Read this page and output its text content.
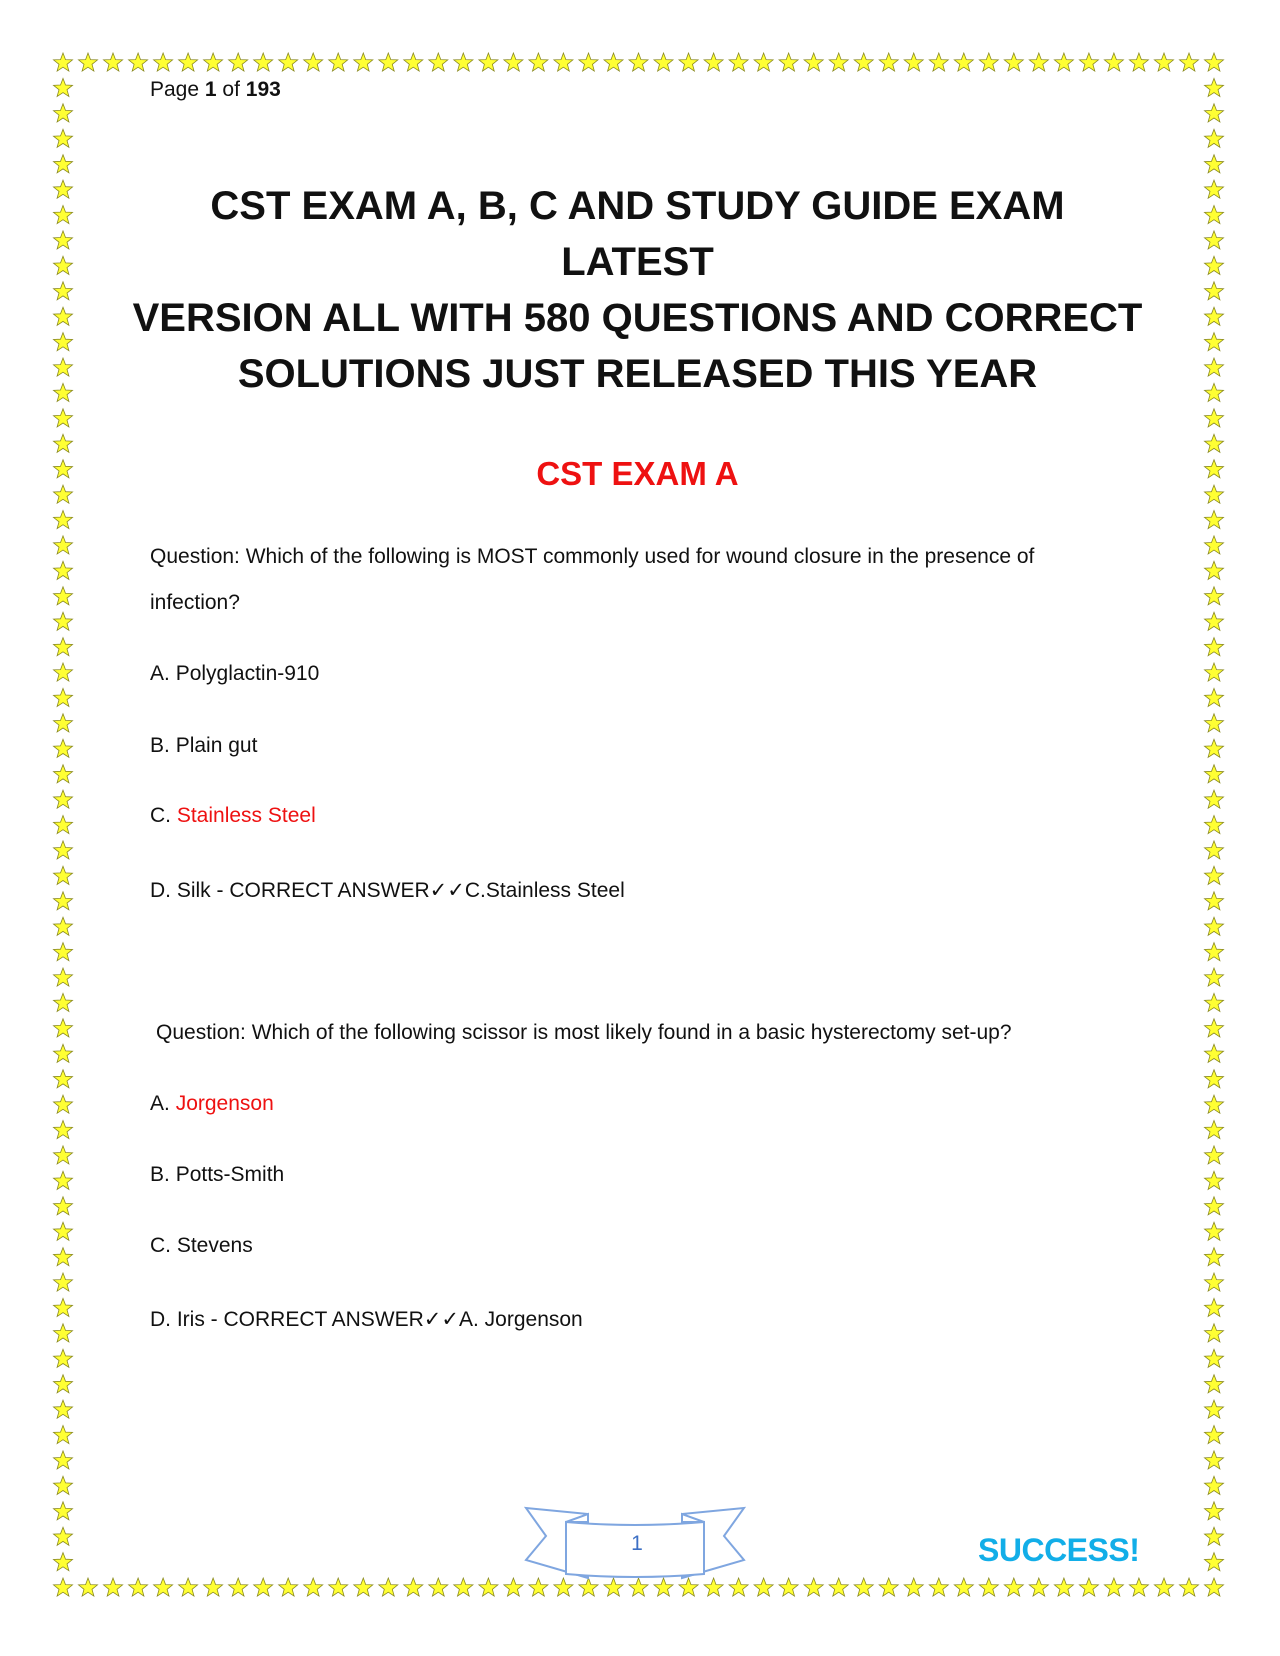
Page 1 of 193
CST EXAM A, B, C AND STUDY GUIDE EXAM LATEST
VERSION ALL WITH 580 QUESTIONS AND CORRECT
SOLUTIONS JUST RELEASED THIS YEAR
CST EXAM A
Question: Which of the following is MOST commonly used for wound closure in the presence of
infection?
A. Polyglactin-910
B. Plain gut
C. Stainless Steel
D. Silk - CORRECT ANSWER✓✓C.Stainless Steel
Question: Which of the following scissor is most likely found in a basic hysterectomy set-up?
A. Jorgenson
B. Potts-Smith
C. Stevens
D. Iris - CORRECT ANSWER✓✓A. Jorgenson
1	SUCCESS!
